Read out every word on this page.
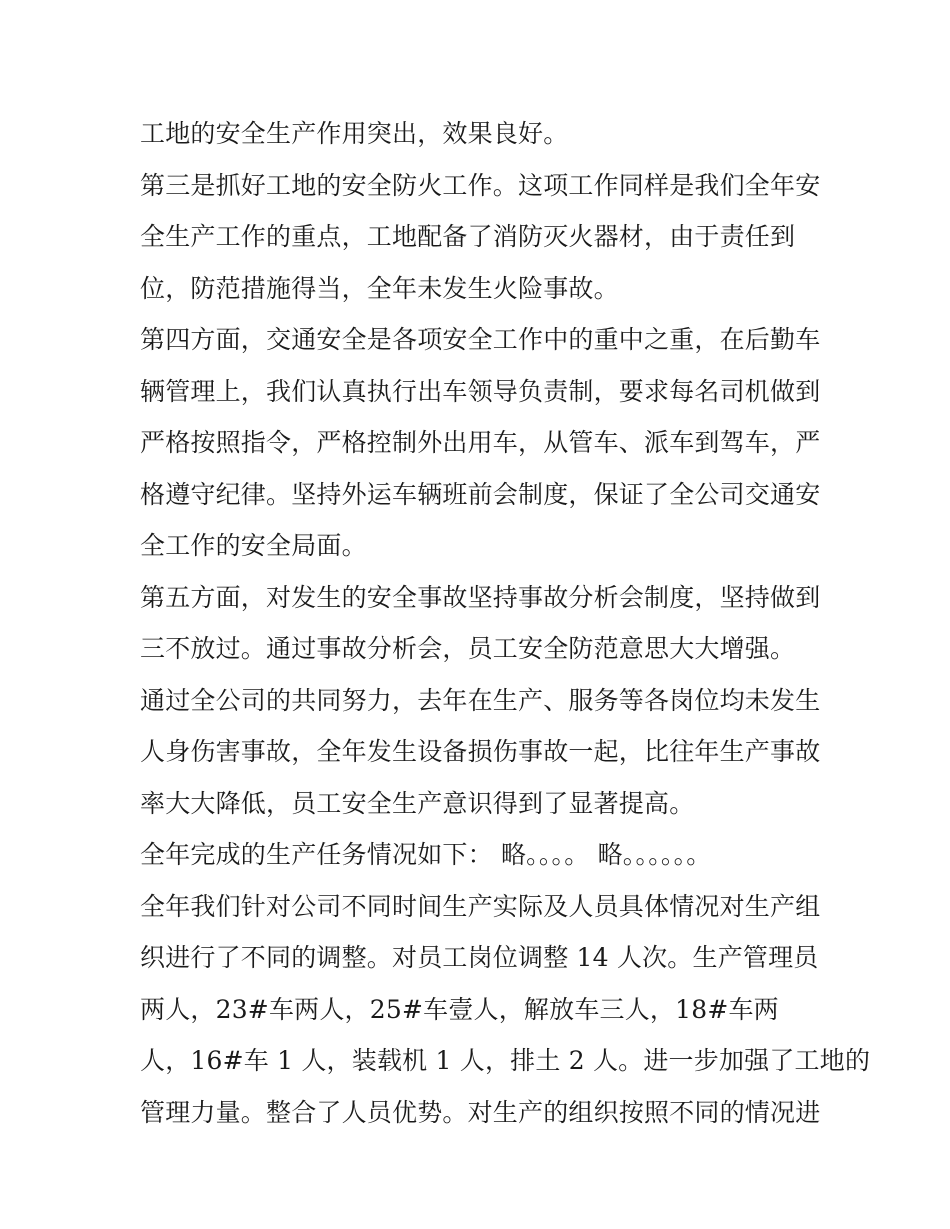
工地的安全生产作用突出，效果良好。
第三是抓好工地的安全防火工作。这项工作同样是我们全年安
全生产工作的重点，工地配备了消防灭火器材，由于责任到
位，防范措施得当，全年未发生火险事故。
第四方面，交通安全是各项安全工作中的重中之重，在后勤车
辆管理上，我们认真执行出车领导负责制，要求每名司机做到
严格按照指令，严格控制外出用车，从管车、派车到驾车，严
格遵守纪律。坚持外运车辆班前会制度，保证了全公司交通安
全工作的安全局面。
第五方面，对发生的安全事故坚持事故分析会制度，坚持做到
三不放过。通过事故分析会，员工安全防范意思大大增强。
通过全公司的共同努力，去年在生产、服务等各岗位均未发生
人身伤害事故，全年发生设备损伤事故一起，比往年生产事故
率大大降低，员工安全生产意识得到了显著提高。
全年完成的生产任务情况如下： 略。。。。 略。。。。。。
全年我们针对公司不同时间生产实际及人员具体情况对生产组
织进行了不同的调整。对员工岗位调整 14 人次。生产管理员
两人，23#车两人，25#车壹人，解放车三人，18#车两
人，16#车 1 人，装载机 1 人，排土 2 人。进一步加强了工地的
管理力量。整合了人员优势。对生产的组织按照不同的情况进
